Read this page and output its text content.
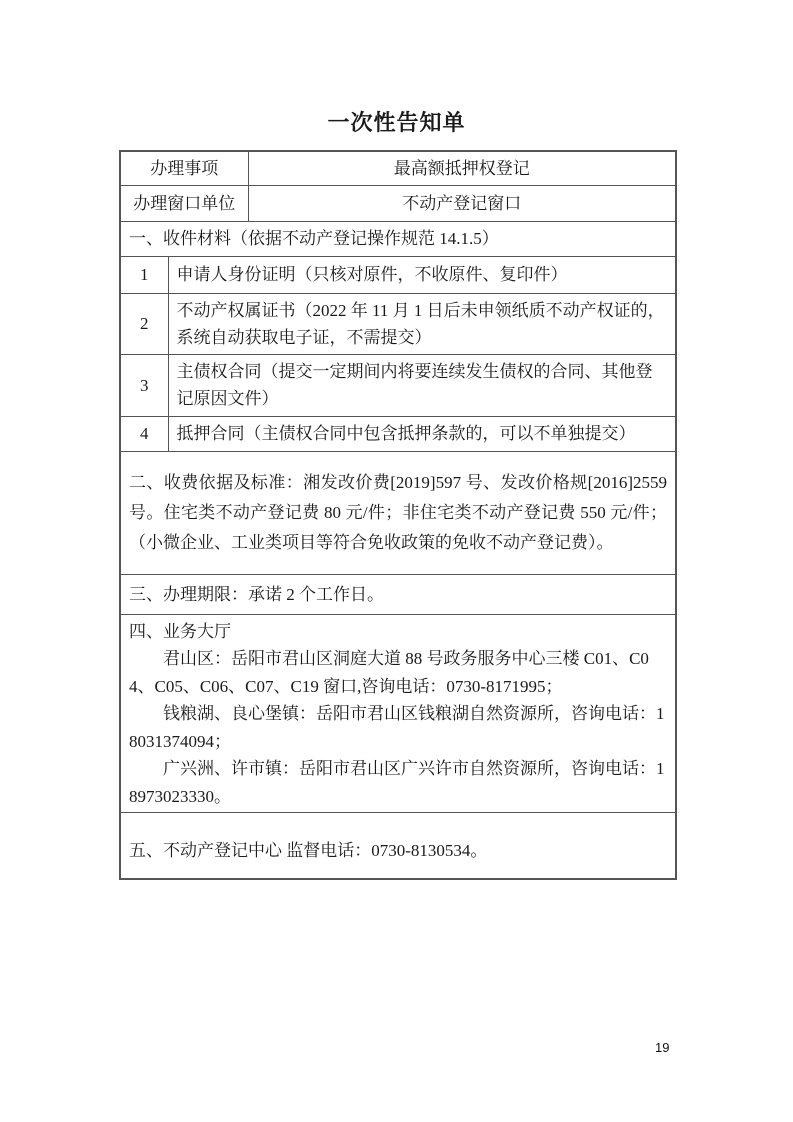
一次性告知单
办理事项		最高额抵押权登记
办理窗口单位		不动产登记窗口
一、收件材料（依据不动产登记操作规范 14.1.5）		
1	申请人身份证明（只核对原件，不收原件、复印件）	
2	不动产权属证书（2022 年 11 月 1 日后未申领纸质不动产权证的，系统自动获取电子证，不需提交）	
3	主债权合同（提交一定期间内将要连续发生债权的合同、其他登记原因文件）	
4	抵押合同（主债权合同中包含抵押条款的，可以不单独提交）	
二、收费依据及标准：湘发改价费[2019]597 号、发改价格规[2016]2559 号。住宅类不动产登记费 80 元/件；非住宅类不动产登记费 550 元/件；（小微企业、工业类项目等符合免收政策的免收不动产登记费）。		
三、办理期限：承诺 2 个工作日。		

四、业务大厅

君山区：岳阳市君山区洞庭大道 88 号政务服务中心三楼 C01、C04、C05、C06、C07、C19 窗口,咨询电话：0730-8171995；

钱粮湖、良心堡镇：岳阳市君山区钱粮湖自然资源所，咨询电话：18031374094；

广兴洲、许市镇：岳阳市君山区广兴许市自然资源所，咨询电话：18973023330。		

五、不动产登记中心 监督电话：0730-8130534。		
19
